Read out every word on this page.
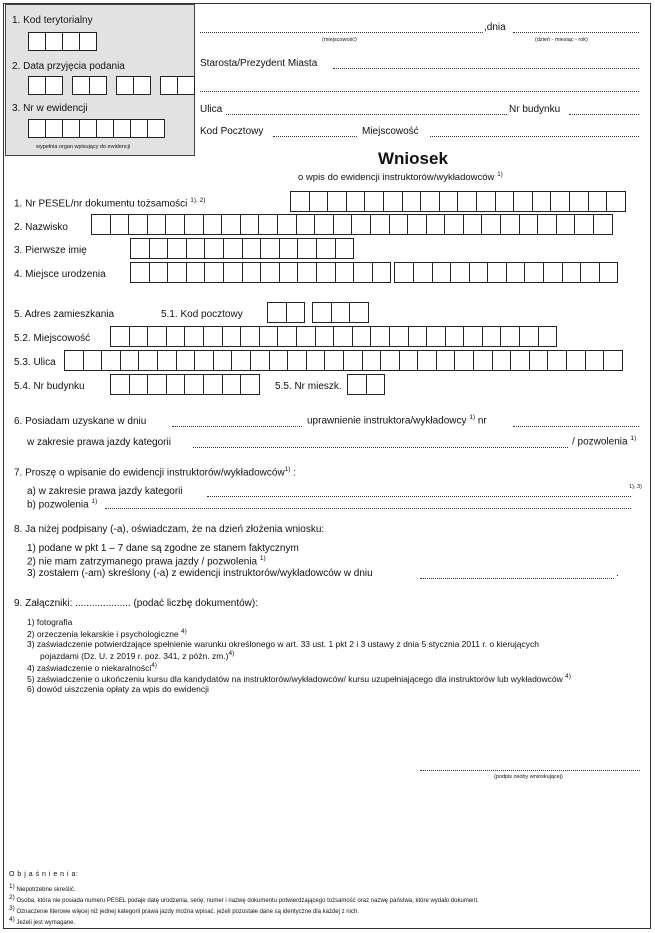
1. Kod terytorialny
2. Data przyjęcia podania
3. Nr w ewidencji
wypełnia organ wpisujący do ewidencji
,dnia
(miejscowość)	(dzień - miesiąc - rok)
Starosta/Prezydent Miasta
Ulica	Nr budynku
Kod Pocztowy	Miejscowość
Wniosek
o wpis do ewidencji instruktorów/wykładowców $^{1)}$
1. Nr PESEL/nr dokumentu tożsamości $^{1), 2)}$
2. Nazwisko
3. Pierwsze imię
4. Miejsce urodzenia
5. Adres zamieszkania	5.1. Kod pocztowy
5.2. Miejscowość
5.3. Ulica
5.4. Nr budynku	5.5. Nr mieszk.
6. Posiadam uzyskane w dniu	uprawnienie instruktora/wykładowcy $^{1)}$ nr
w zakresie prawa jazdy kategorii	/ pozwolenia $^{1)}$
7. Proszę o wpisanie do ewidencji instruktorów/wykładowców$^{1)}$ :
a) w zakresie prawa jazdy kategorii	1), 3)
b) pozwolenia $^{1)}$
8. Ja niżej podpisany (-a), oświadczam, że na dzień złożenia wniosku:
1) podane w pkt 1 – 7 dane są zgodne ze stanem faktycznym
2) nie mam zatrzymanego prawa jazdy / pozwolenia $^{1)}$
3) zostałem (-am) skreślony (-a) z ewidencji instruktorów/wykładowców w dniu	.
9. Załączniki: .................... (podać liczbę dokumentów):
1) fotografia
2) orzeczenia lekarskie i psychologiczne $^{4)}$
3) zaświadczenie potwierdzające spełnienie warunku określonego w art. 33 ust. 1 pkt 2 i 3 ustawy z dnia 5 stycznia 2011 r. o kierujących
pojazdami (Dz. U. z 2019 r. poz. 341, z późn. zm.)$^{4)}$
4) zaświadczenie o niekaralności$^{4)}$
5) zaświadczenie o ukończeniu kursu dla kandydatów na instruktorów/wykładowców/ kursu uzupełniającego dla instruktorów lub wykładowców $^{4)}$
6) dowód uiszczenia opłaty za wpis do ewidencji
(podpis osoby wnioskującej)
O b j a ś n i e n i a:
1) Niepotrzebne skreślić.
2) Osoba, która nie posiada numeru PESEL podaje datę urodzenia, serię, numer i nazwę dokumentu potwierdzającego tożsamość oraz nazwę państwa, które wydało dokument.
3) Oznaczenie literowe więcej niż jednej kategorii prawa jazdy można wpisać, jeżeli pozostałe dane są identyczne dla każdej z nich.
4) Jeżeli jest wymagane.
